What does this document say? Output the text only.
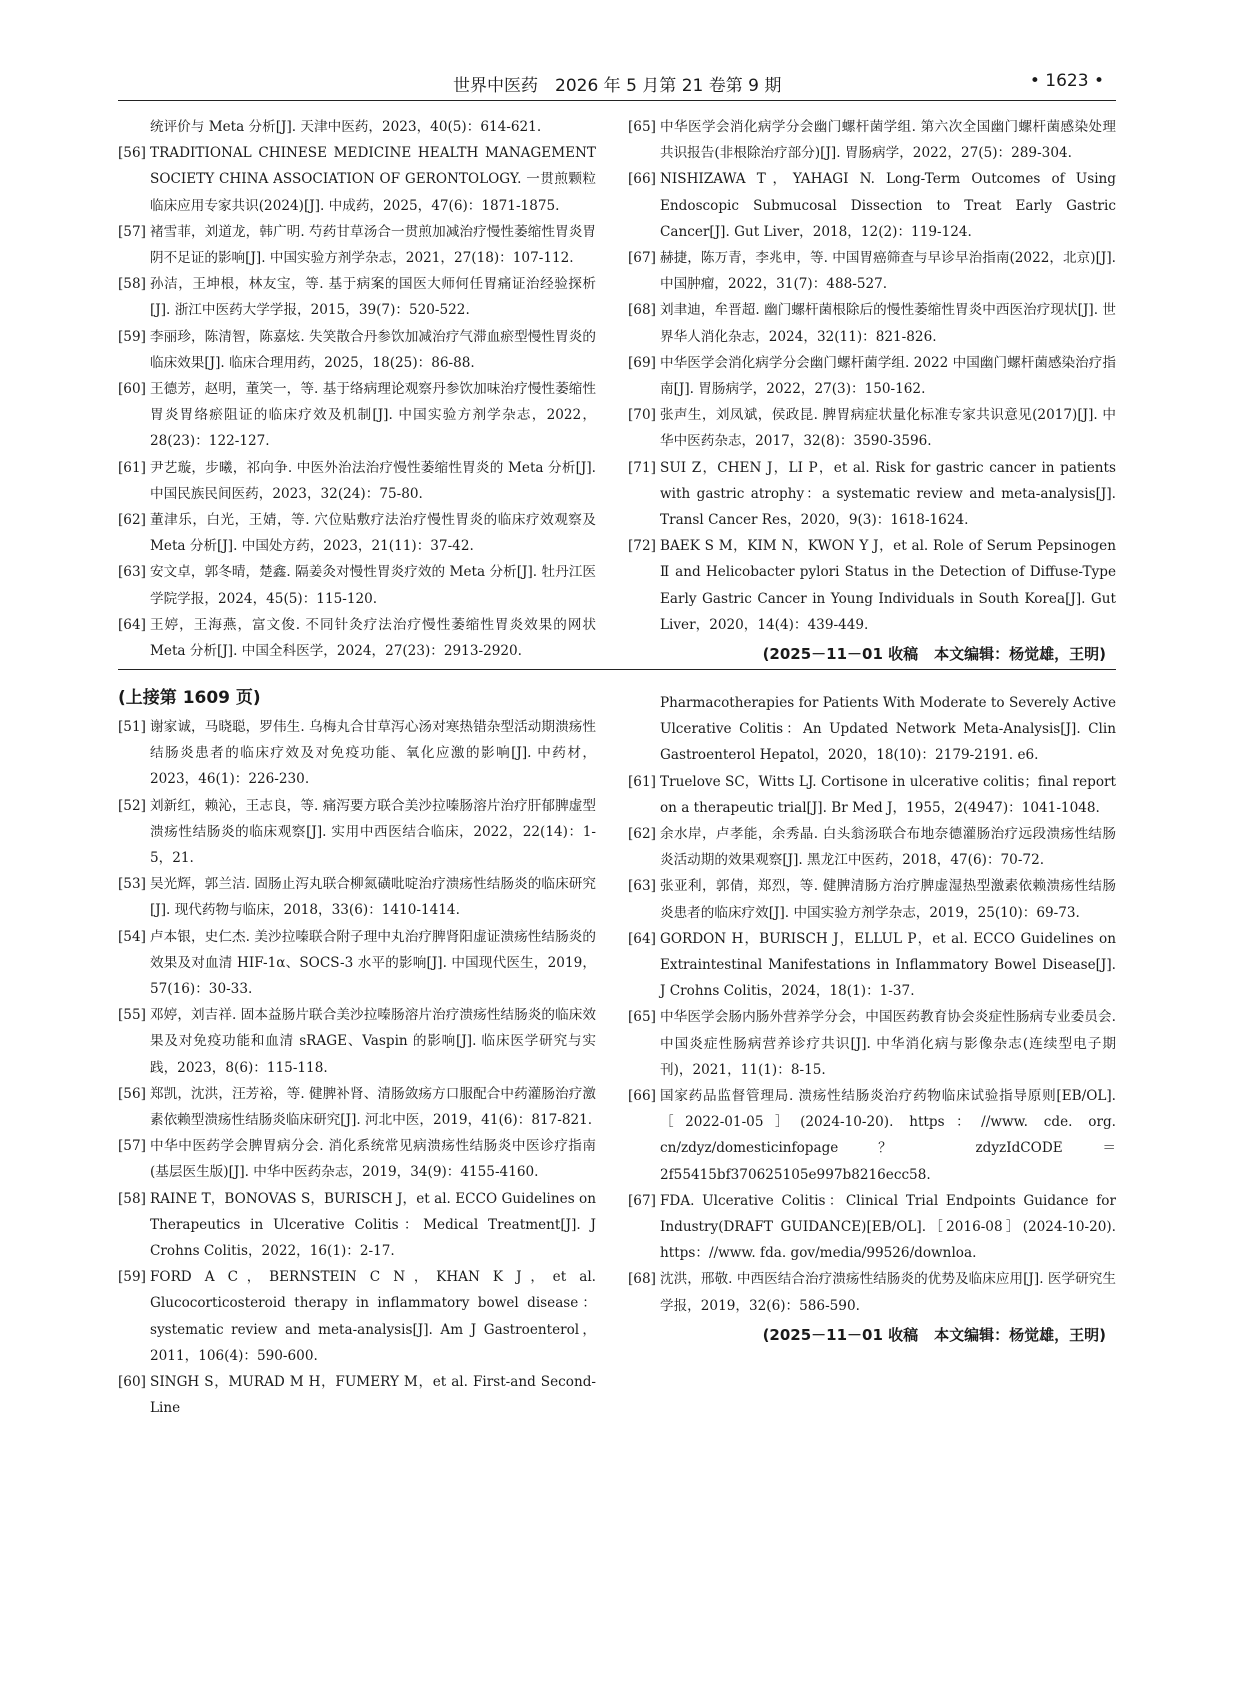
世界中医药　2026 年 5 月第 21 卷第 9 期	• 1623 •

统评价与 Meta 分析[J]. 天津中医药，2023，40(5)：614-621.

[56] TRADITIONAL CHINESE MEDICINE HEALTH MANAGEMENT SOCIETY CHINA ASSOCIATION OF GERONTOLOGY. 一贯煎颗粒临床应用专家共识(2024)[J]. 中成药，2025，47(6)：1871-1875.

[57] 褚雪菲，刘道龙，韩广明. 芍药甘草汤合一贯煎加减治疗慢性萎缩性胃炎胃阴不足证的影响[J]. 中国实验方剂学杂志，2021，27(18)：107-112.

[58] 孙洁，王坤根，林友宝，等. 基于病案的国医大师何任胃痛证治经验探析[J]. 浙江中医药大学学报，2015，39(7)：520-522.

[59] 李丽珍，陈清智，陈嘉炫. 失笑散合丹参饮加减治疗气滞血瘀型慢性胃炎的临床效果[J]. 临床合理用药，2025，18(25)：86-88.

[60] 王德芳，赵明，董笑一，等. 基于络病理论观察丹参饮加味治疗慢性萎缩性胃炎胃络瘀阻证的临床疗效及机制[J]. 中国实验方剂学杂志，2022，28(23)：122-127.

[61] 尹艺璇，步曦，祁向争. 中医外治法治疗慢性萎缩性胃炎的 Meta 分析[J]. 中国民族民间医药，2023，32(24)：75-80.

[62] 董津乐，白光，王婧，等. 穴位贴敷疗法治疗慢性胃炎的临床疗效观察及 Meta 分析[J]. 中国处方药，2023，21(11)：37-42.

[63] 安文卓，郭冬晴，楚鑫. 隔姜灸对慢性胃炎疗效的 Meta 分析[J]. 牡丹江医学院学报，2024，45(5)：115-120.

[64] 王婷，王海燕，富文俊. 不同针灸疗法治疗慢性萎缩性胃炎效果的网状 Meta 分析[J]. 中国全科医学，2024，27(23)：2913-2920.

[65] 中华医学会消化病学分会幽门螺杆菌学组. 第六次全国幽门螺杆菌感染处理共识报告(非根除治疗部分)[J]. 胃肠病学，2022，27(5)：289-304.

[66] NISHIZAWA T，YAHAGI N. Long-Term Outcomes of Using Endoscopic Submucosal Dissection to Treat Early Gastric Cancer[J]. Gut Liver，2018，12(2)：119-124.

[67] 赫捷，陈万青，李兆申，等. 中国胃癌筛查与早诊早治指南(2022，北京)[J]. 中国肿瘤，2022，31(7)：488-527.

[68] 刘聿迪，牟晋超. 幽门螺杆菌根除后的慢性萎缩性胃炎中西医治疗现状[J]. 世界华人消化杂志，2024，32(11)：821-826.

[69] 中华医学会消化病学分会幽门螺杆菌学组. 2022 中国幽门螺杆菌感染治疗指南[J]. 胃肠病学，2022，27(3)：150-162.

[70] 张声生，刘凤斌，侯政昆. 脾胃病症状量化标准专家共识意见(2017)[J]. 中华中医药杂志，2017，32(8)：3590-3596.

[71] SUI Z，CHEN J，LI P，et al. Risk for gastric cancer in patients with gastric atrophy：a systematic review and meta-analysis[J]. Transl Cancer Res，2020，9(3)：1618-1624.

[72] BAEK S M，KIM N，KWON Y J，et al. Role of Serum Pepsinogen Ⅱ and Helicobacter pylori Status in the Detection of Diffuse-Type Early Gastric Cancer in Young Individuals in South Korea[J]. Gut Liver，2020，14(4)：439-449.

(2025－11－01 收稿 本文编辑：杨觉雄，王明)
(上接第 1609 页)

[51] 谢家诚，马晓聪，罗伟生. 乌梅丸合甘草泻心汤对寒热错杂型活动期溃疡性结肠炎患者的临床疗效及对免疫功能、氧化应激的影响[J]. 中药材，2023，46(1)：226-230.

[52] 刘新红，赖沁，王志良，等. 痛泻要方联合美沙拉嗪肠溶片治疗肝郁脾虚型溃疡性结肠炎的临床观察[J]. 实用中西医结合临床，2022，22(14)：1-5，21.

[53] 吴光辉，郭兰洁. 固肠止泻丸联合柳氮磺吡啶治疗溃疡性结肠炎的临床研究[J]. 现代药物与临床，2018，33(6)：1410-1414.

[54] 卢本银，史仁杰. 美沙拉嗪联合附子理中丸治疗脾肾阳虚证溃疡性结肠炎的效果及对血清 HIF-1α、SOCS-3 水平的影响[J]. 中国现代医生，2019，57(16)：30-33.

[55] 邓婷，刘吉祥. 固本益肠片联合美沙拉嗪肠溶片治疗溃疡性结肠炎的临床效果及对免疫功能和血清 sRAGE、Vaspin 的影响[J]. 临床医学研究与实践，2023，8(6)：115-118.

[56] 郑凯，沈洪，汪芳裕，等. 健脾补肾、清肠敛疡方口服配合中药灌肠治疗激素依赖型溃疡性结肠炎临床研究[J]. 河北中医，2019，41(6)：817-821.

[57] 中华中医药学会脾胃病分会. 消化系统常见病溃疡性结肠炎中医诊疗指南(基层医生版)[J]. 中华中医药杂志，2019，34(9)：4155-4160.

[58] RAINE T，BONOVAS S，BURISCH J，et al. ECCO Guidelines on Therapeutics in Ulcerative Colitis：Medical Treatment[J]. J Crohns Colitis，2022，16(1)：2-17.

[59] FORD A C，BERNSTEIN C N，KHAN K J，et al. Glucocorticosteroid therapy in inflammatory bowel disease：systematic review and meta-analysis[J]. Am J Gastroenterol，2011，106(4)：590-600.

[60] SINGH S，MURAD M H，FUMERY M，et al. First-and Second-Line

Pharmacotherapies for Patients With Moderate to Severely Active Ulcerative Colitis：An Updated Network Meta-Analysis[J]. Clin Gastroenterol Hepatol，2020，18(10)：2179-2191. e6.

[61] Truelove SC，Witts LJ. Cortisone in ulcerative colitis；final report on a therapeutic trial[J]. Br Med J，1955，2(4947)：1041-1048.

[62] 余水岸，卢孝能，余秀晶. 白头翁汤联合布地奈德灌肠治疗远段溃疡性结肠炎活动期的效果观察[J]. 黑龙江中医药，2018，47(6)：70-72.

[63] 张亚利，郭倩，郑烈，等. 健脾清肠方治疗脾虚湿热型激素依赖溃疡性结肠炎患者的临床疗效[J]. 中国实验方剂学杂志，2019，25(10)：69-73.

[64] GORDON H，BURISCH J，ELLUL P，et al. ECCO Guidelines on Extraintestinal Manifestations in Inflammatory Bowel Disease[J]. J Crohns Colitis，2024，18(1)：1-37.

[65] 中华医学会肠内肠外营养学分会，中国医药教育协会炎症性肠病专业委员会. 中国炎症性肠病营养诊疗共识[J]. 中华消化病与影像杂志(连续型电子期刊)，2021，11(1)：8-15.

[66] 国家药品监督管理局. 溃疡性结肠炎治疗药物临床试验指导原则[EB/OL].［2022-01-05］(2024-10-20). https：//www. cde. org. cn/zdyz/domesticinfopage？ zdyzIdCODE＝2f55415bf370625105e997b8216ecc58.

[67] FDA. Ulcerative Colitis：Clinical Trial Endpoints Guidance for Industry(DRAFT GUIDANCE)[EB/OL].［2016-08］(2024-10-20). https：//www. fda. gov/media/99526/downloa.

[68] 沈洪，邢敬. 中西医结合治疗溃疡性结肠炎的优势及临床应用[J]. 医学研究生学报，2019，32(6)：586-590.

(2025－11－01 收稿 本文编辑：杨觉雄，王明)
